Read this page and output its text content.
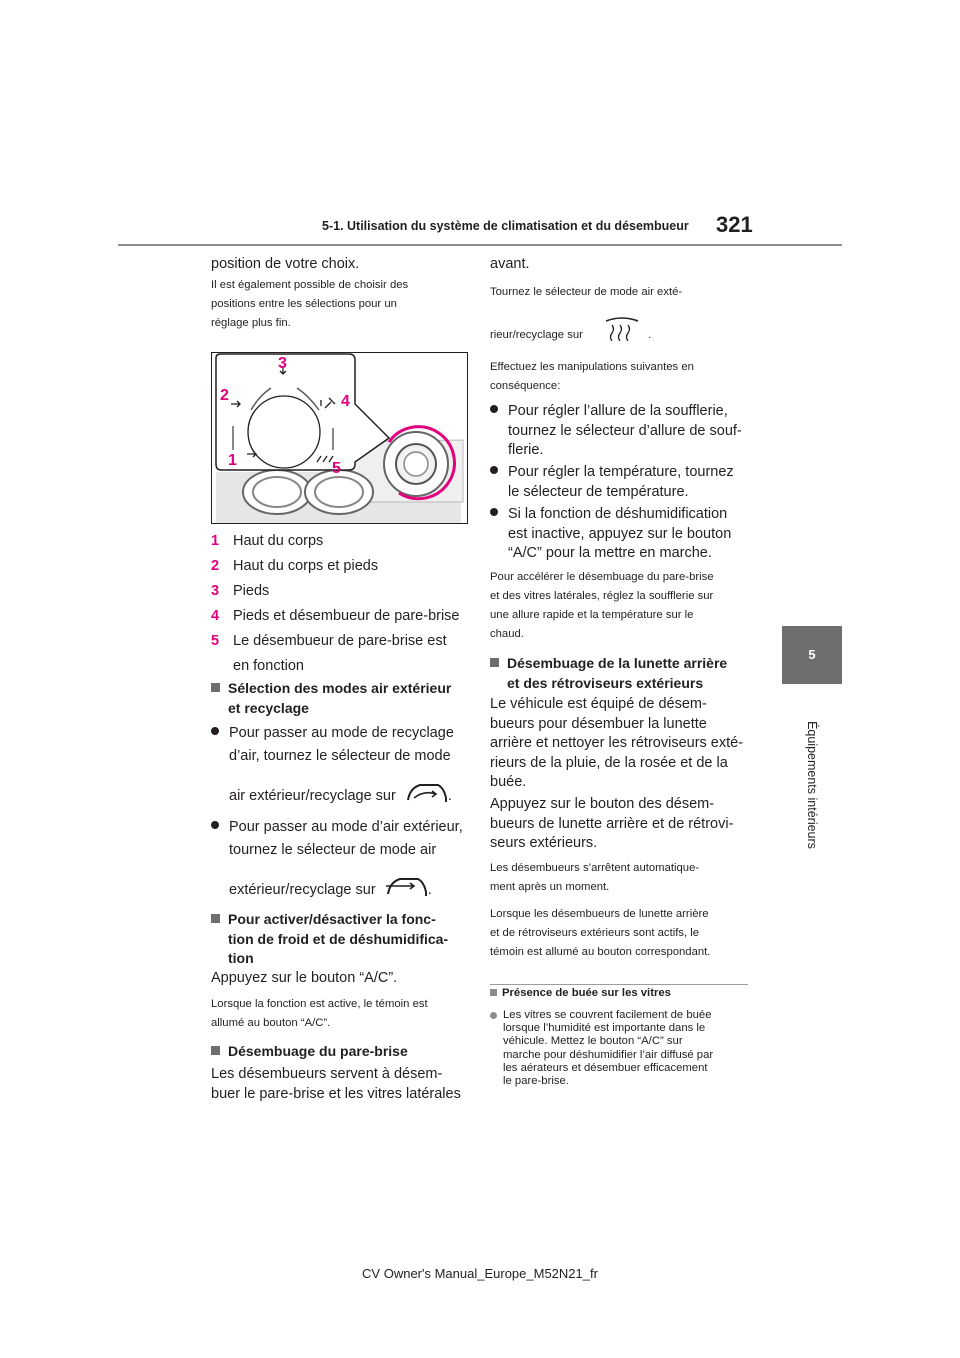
5-1. Utilisation du système de climatisation et du désembueur	321
5
Équipements intérieurs
position de votre choix.
Il est également possible de choisir des
positions entre les sélections pour un
réglage plus fin.
3
2	4
1	5
1 Haut du corps
2 Haut du corps et pieds
3 Pieds
4 Pieds et désembueur de pare-brise
5 Le désembueur de pare-brise est
en fonction
Sélection des modes air extérieur
et recyclage
Pour passer au mode de recyclage
d’air, tournez le sélecteur de mode
air extérieur/recyclage sur	.
Pour passer au mode d’air extérieur,
tournez le sélecteur de mode air
extérieur/recyclage sur	.
Pour activer/désactiver la fonc-
tion de froid et de déshumidifica-
tion
Appuyez sur le bouton “A/C”.
Lorsque la fonction est active, le témoin est
allumé au bouton “A/C”.
Désembuage du pare-brise
Les désembueurs servent à désem-
buer le pare-brise et les vitres latérales
avant.
Tournez le sélecteur de mode air exté-
rieur/recyclage sur	.
Effectuez les manipulations suivantes en
conséquence:
Pour régler l’allure de la soufflerie,
tournez le sélecteur d’allure de souf-
flerie.
Pour régler la température, tournez
le sélecteur de température.
Si la fonction de déshumidification
est inactive, appuyez sur le bouton
“A/C” pour la mettre en marche.
Pour accélérer le désembuage du pare-brise
et des vitres latérales, réglez la soufflerie sur
une allure rapide et la température sur le
chaud.
Désembuage de la lunette arrière
et des rétroviseurs extérieurs
Le véhicule est équipé de désem-
bueurs pour désembuer la lunette
arrière et nettoyer les rétroviseurs exté-
rieurs de la pluie, de la rosée et de la
buée.
Appuyez sur le bouton des désem-
bueurs de lunette arrière et de rétrovi-
seurs extérieurs.
Les désembueurs s’arrêtent automatique-
ment après un moment.
Lorsque les désembueurs de lunette arrière
et de rétroviseurs extérieurs sont actifs, le
témoin est allumé au bouton correspondant.
Présence de buée sur les vitres
Les vitres se couvrent facilement de buée
lorsque l’humidité est importante dans le
véhicule. Mettez le bouton “A/C” sur
marche pour déshumidifier l’air diffusé par
les aérateurs et désembuer efficacement
le pare-brise.
CV Owner's Manual_Europe_M52N21_fr
